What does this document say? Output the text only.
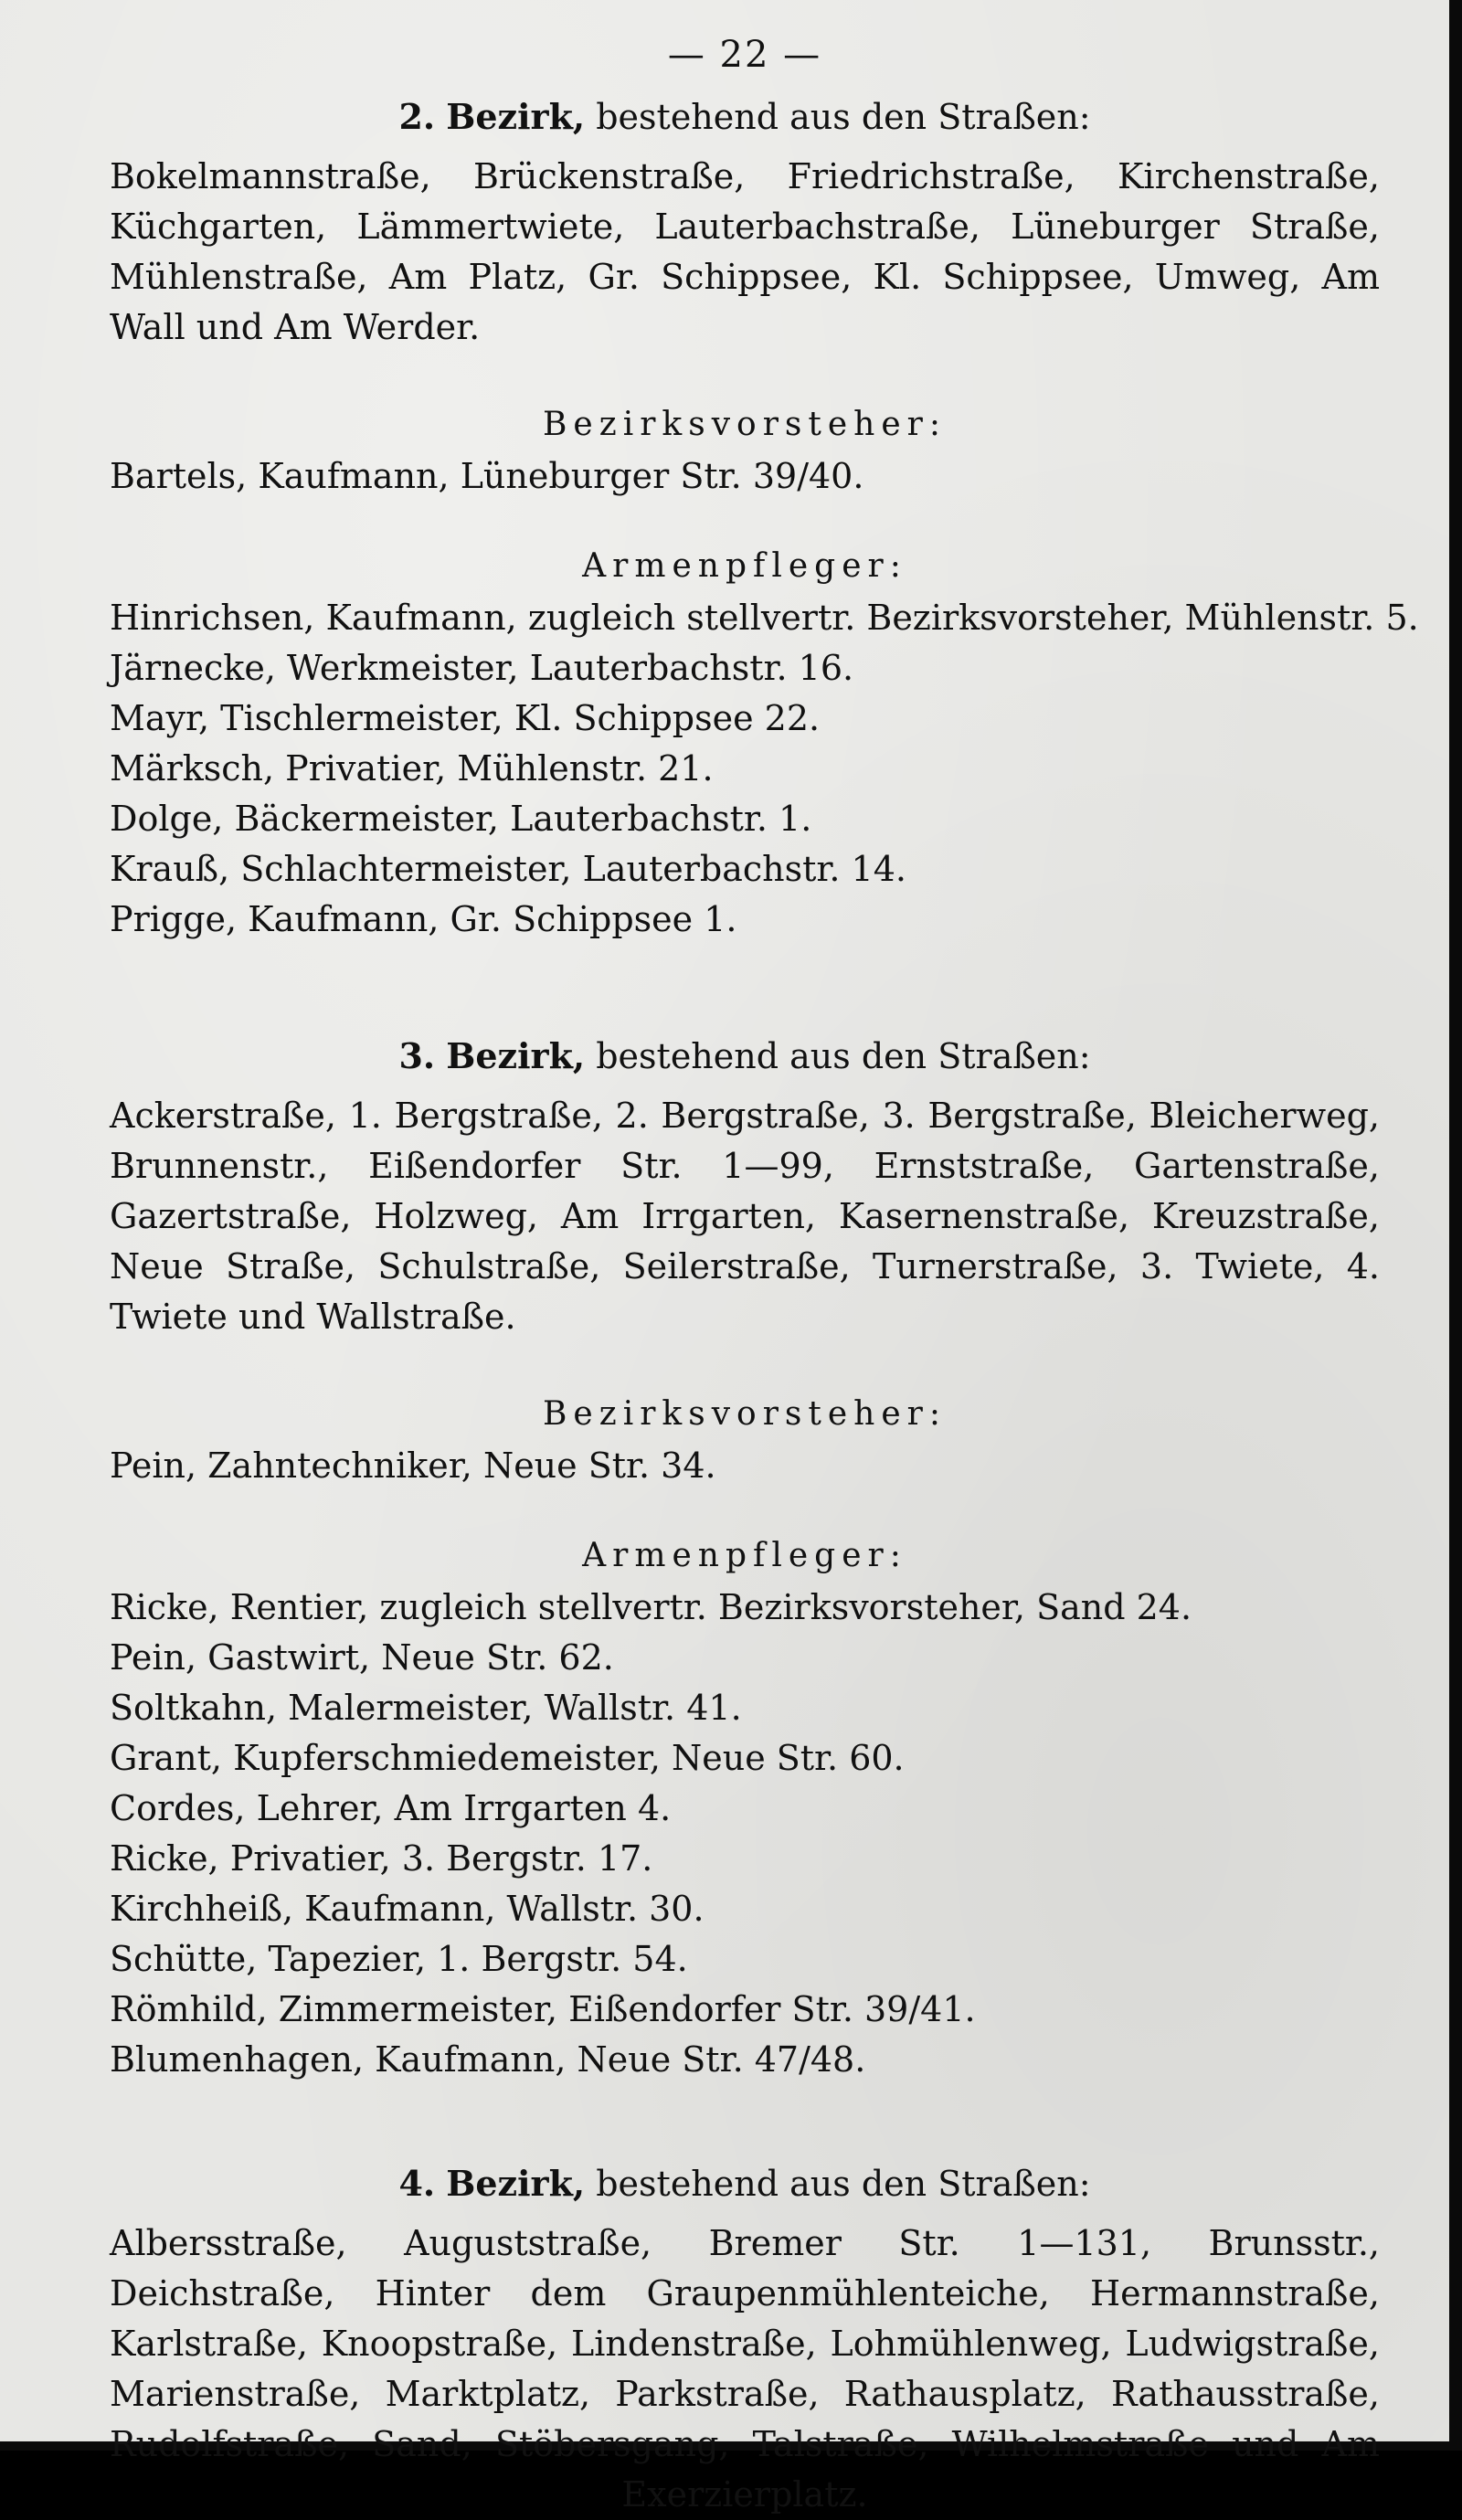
— 22 —
2. Bezirk, bestehend aus den Straßen:
Bokelmannstraße, Brückenstraße, Friedrichstraße, Kirchenstraße, Küchgarten, Lämmertwiete, Lauterbachstraße, Lüneburger Straße, Mühlenstraße, Am Platz, Gr. Schippsee, Kl. Schippsee, Umweg, Am Wall und Am Werder.
Bezirksvorsteher:
Bartels, Kaufmann, Lüneburger Str. 39/40.
Armenpfleger:
Hinrichsen, Kaufmann, zugleich stellvertr. Bezirksvorsteher, Mühlenstr. 5.
Järnecke, Werkmeister, Lauterbachstr. 16.
Mayr, Tischlermeister, Kl. Schippsee 22.
Märksch, Privatier, Mühlenstr. 21.
Dolge, Bäckermeister, Lauterbachstr. 1.
Krauß, Schlachtermeister, Lauterbachstr. 14.
Prigge, Kaufmann, Gr. Schippsee 1.
3. Bezirk, bestehend aus den Straßen:
Ackerstraße, 1. Bergstraße, 2. Bergstraße, 3. Bergstraße, Bleicherweg, Brunnenstr., Eißendorfer Str. 1—99, Ernststraße, Gartenstraße, Gazertstraße, Holzweg, Am Irrgarten, Kasernenstraße, Kreuzstraße, Neue Straße, Schulstraße, Seilerstraße, Turnerstraße, 3. Twiete, 4. Twiete und Wallstraße.
Bezirksvorsteher:
Pein, Zahntechniker, Neue Str. 34.
Armenpfleger:
Ricke, Rentier, zugleich stellvertr. Bezirksvorsteher, Sand 24.
Pein, Gastwirt, Neue Str. 62.
Soltkahn, Malermeister, Wallstr. 41.
Grant, Kupferschmiedemeister, Neue Str. 60.
Cordes, Lehrer, Am Irrgarten 4.
Ricke, Privatier, 3. Bergstr. 17.
Kirchheiß, Kaufmann, Wallstr. 30.
Schütte, Tapezier, 1. Bergstr. 54.
Römhild, Zimmermeister, Eißendorfer Str. 39/41.
Blumenhagen, Kaufmann, Neue Str. 47/48.
4. Bezirk, bestehend aus den Straßen:
Albersstraße, Auguststraße, Bremer Str. 1—131, Brunsstr., Deichstraße, Hinter dem Graupenmühlenteiche, Hermannstraße, Karlstraße, Knoopstraße, Lindenstraße, Lohmühlenweg, Ludwigstraße, Marienstraße, Marktplatz, Parkstraße, Rathausplatz, Rathausstraße, Rudolfstraße, Sand, Stöbersgang, Talstraße, Wilhelmstraße und Am Exerzierplatz.
